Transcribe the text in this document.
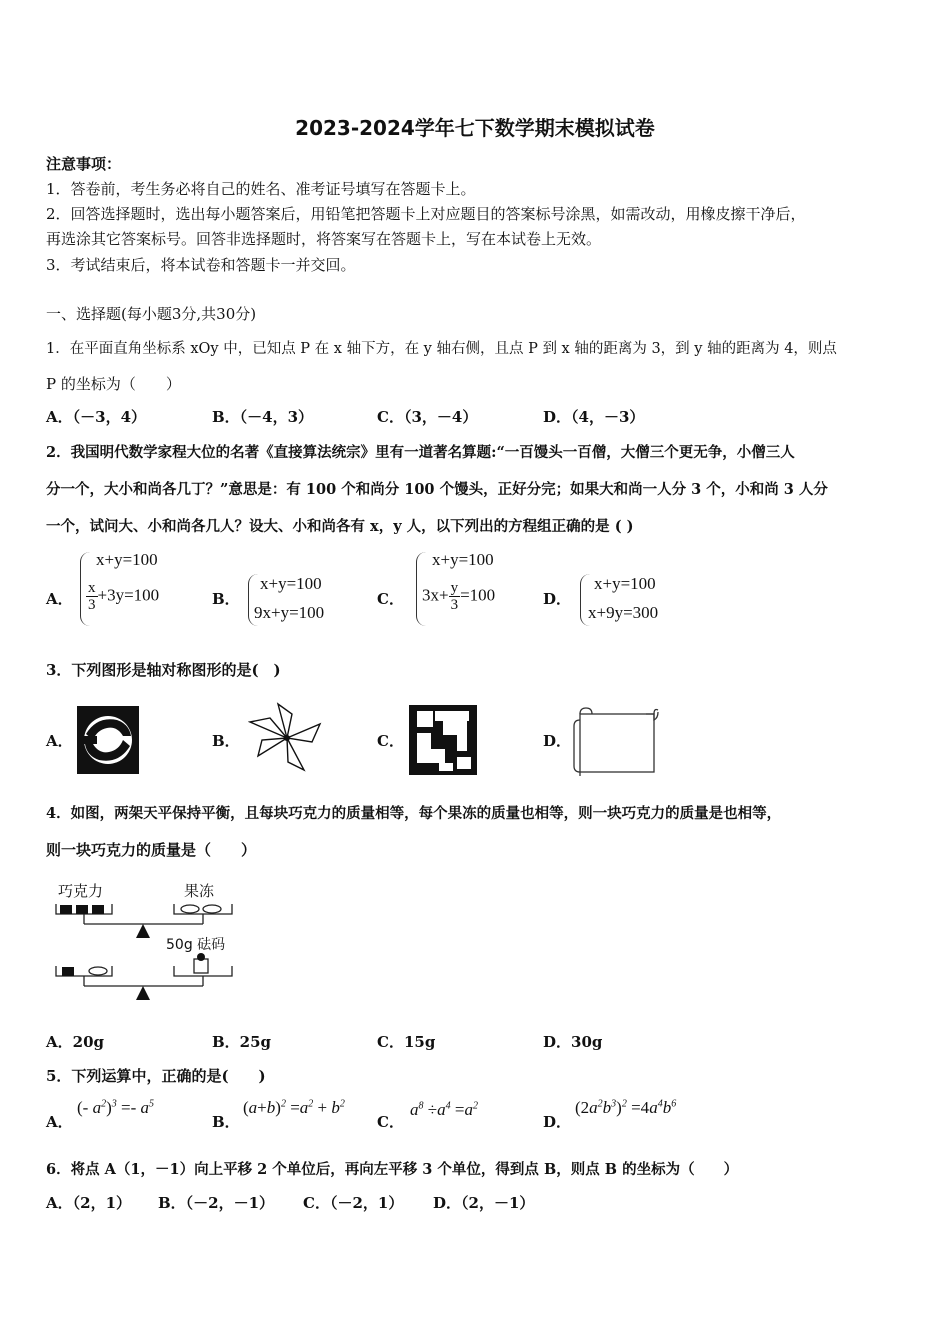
2023-2024学年七下数学期末模拟试卷
注意事项：
1．答卷前，考生务必将自己的姓名、准考证号填写在答题卡上。
2．回答选择题时，选出每小题答案后，用铅笔把答题卡上对应题目的答案标号涂黑，如需改动，用橡皮擦干净后，
再选涂其它答案标号。回答非选择题时，将答案写在答题卡上，写在本试卷上无效。
3．考试结束后，将本试卷和答题卡一并交回。
一、选择题(每小题3分,共30分)
1．在平面直角坐标系 xOy 中，已知点 P 在 x 轴下方，在 y 轴右侧，且点 P 到 x 轴的距离为 3，到 y 轴的距离为 4，则点
P 的坐标为（　　）
A．（－3，4）	B．（－4，3）	C．（3，－4）	D．（4，－3）
2．我国明代数学家程大位的名著《直接算法统宗》里有一道著名算题:“一百馒头一百僧，大僧三个更无争，小僧三人
分一个，大小和尚各几丁？”意思是：有 100 个和尚分 100 个馒头，正好分完；如果大和尚一人分 3 个，小和尚 3 人分
一个，试问大、小和尚各几人？设大、小和尚各有 x，y 人，以下列出的方程组正确的是 ( )
A．
x+y=100
$\frac{x}{3} +3y=100$	B．
x+y=100
9x+y=100
C．
x+y=100
$3x+ \frac{y}{3} =100$	D．
x+y=100
x+9y=300
3．下列图形是轴对称图形的是(　)
A．	B．	C．	D．
4．如图，两架天平保持平衡，且每块巧克力的质量相等，每个果冻的质量也相等，则一块巧克力的质量是也相等，
则一块巧克力的质量是（　　）
巧克力	果冻
50g 砝码
A．20g	B．25g	C．15g	D．30g
5．下列运算中，正确的是(　　)
A．
(- $a^2)^3 =- a^5$
B．
$(a+b)^2 =a^2 + b^2$
C．
$a^8 \div a^4 =a^2$
D．
$(2a^2b^3)^2 =4a^4b^6$
6．将点 A（1，－1）向上平移 2 个单位后，再向左平移 3 个单位，得到点 B，则点 B 的坐标为（　　）
A．（2，1） B．（－2，－1） C．（－2，1） D．（2，－1）
